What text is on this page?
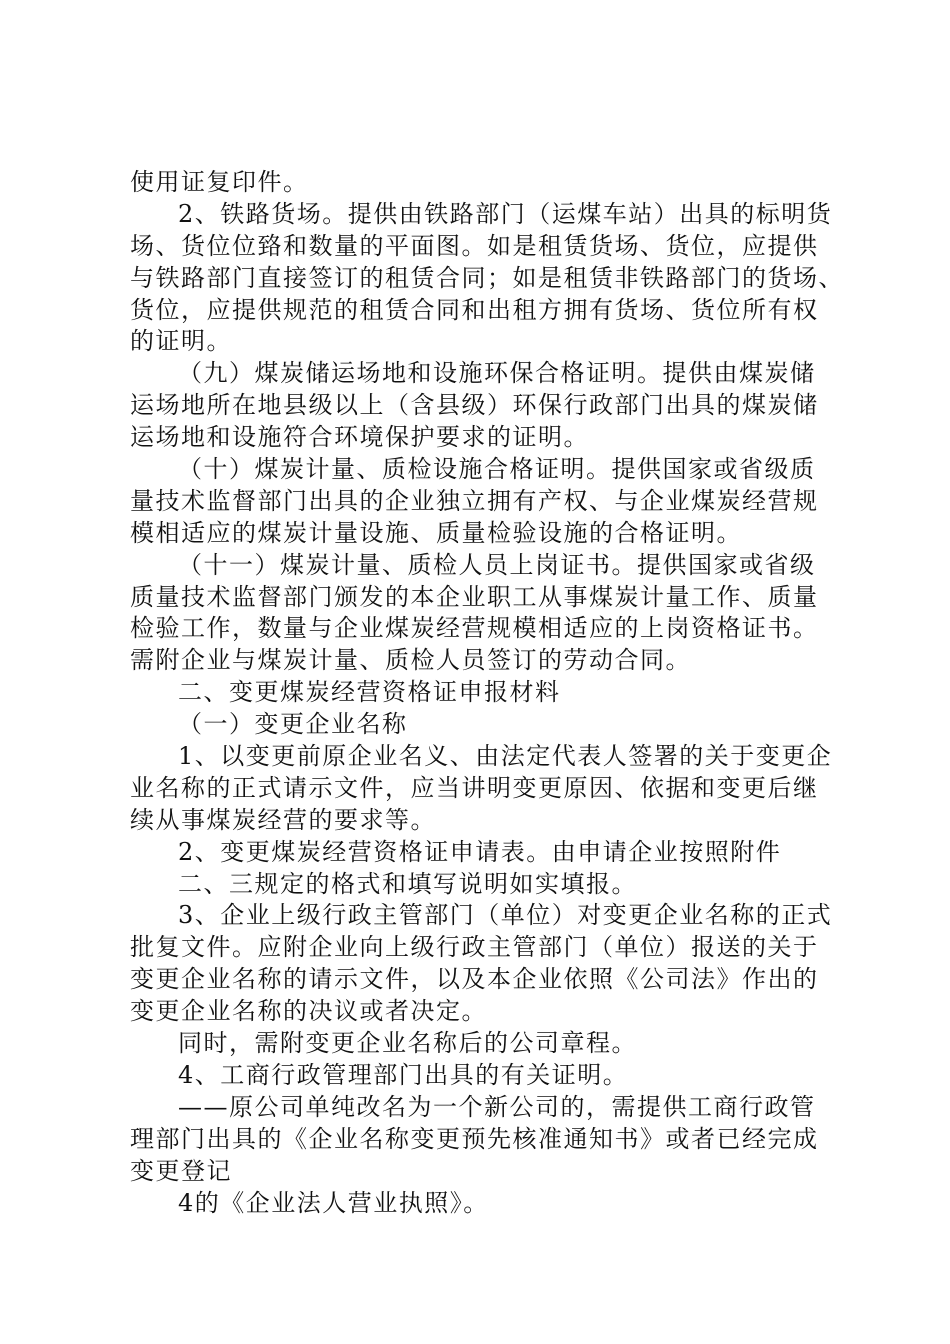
使用证复印件。
2、铁路货场。提供由铁路部门（运煤车站）出具的标明货
场、货位位臵和数量的平面图。如是租赁货场、货位，应提供
与铁路部门直接签订的租赁合同；如是租赁非铁路部门的货场、
货位，应提供规范的租赁合同和出租方拥有货场、货位所有权
的证明。
（九）煤炭储运场地和设施环保合格证明。提供由煤炭储
运场地所在地县级以上（含县级）环保行政部门出具的煤炭储
运场地和设施符合环境保护要求的证明。
（十）煤炭计量、质检设施合格证明。提供国家或省级质
量技术监督部门出具的企业独立拥有产权、与企业煤炭经营规
模相适应的煤炭计量设施、质量检验设施的合格证明。
（十一）煤炭计量、质检人员上岗证书。提供国家或省级
质量技术监督部门颁发的本企业职工从事煤炭计量工作、质量
检验工作，数量与企业煤炭经营规模相适应的上岗资格证书。
需附企业与煤炭计量、质检人员签订的劳动合同。
二、变更煤炭经营资格证申报材料
（一）变更企业名称
1、以变更前原企业名义、由法定代表人签署的关于变更企
业名称的正式请示文件，应当讲明变更原因、依据和变更后继
续从事煤炭经营的要求等。
2、变更煤炭经营资格证申请表。由申请企业按照附件
二、三规定的格式和填写说明如实填报。
3、企业上级行政主管部门（单位）对变更企业名称的正式
批复文件。应附企业向上级行政主管部门（单位）报送的关于
变更企业名称的请示文件，以及本企业依照《公司法》作出的
变更企业名称的决议或者决定。
同时，需附变更企业名称后的公司章程。
4、工商行政管理部门出具的有关证明。
——原公司单纯改名为一个新公司的，需提供工商行政管
理部门出具的《企业名称变更预先核准通知书》或者已经完成
变更登记
4的《企业法人营业执照》。
